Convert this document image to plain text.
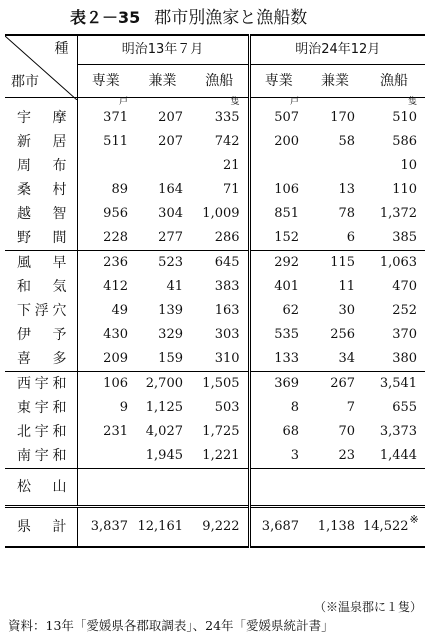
表２－35 郡市別漁家と漁船数
種
郡市	明治13年７月			明治24年12月		
	専業	兼業	漁船	専業	兼業	漁船
	戸		隻	戸		隻
宇摩	371	207	335	507	170	510
新居	511	207	742	200	58	586
周布			21			10
桑村	89	164	71	106	13	110
越智	956	304	1,009	851	78	1,372
野間	228	277	286	152	6	385
風早	236	523	645	292	115	1,063
和気	412	41	383	401	11	470
下浮穴	49	139	163	62	30	252
伊予	430	329	303	535	256	370
喜多	209	159	310	133	34	380
西宇和	106	2,700	1,505	369	267	3,541
東宇和	9	1,125	503	8	7	655
北宇和	231	4,027	1,725	68	70	3,373
南宇和		1,945	1,221	3	23	1,444
松山						
県計	3,837	12,161	9,222	3,687	1,138	14,522※
（※温泉郡に１隻）
資料：13年「愛媛県各郡取調表」、24年「愛媛県統計書」
